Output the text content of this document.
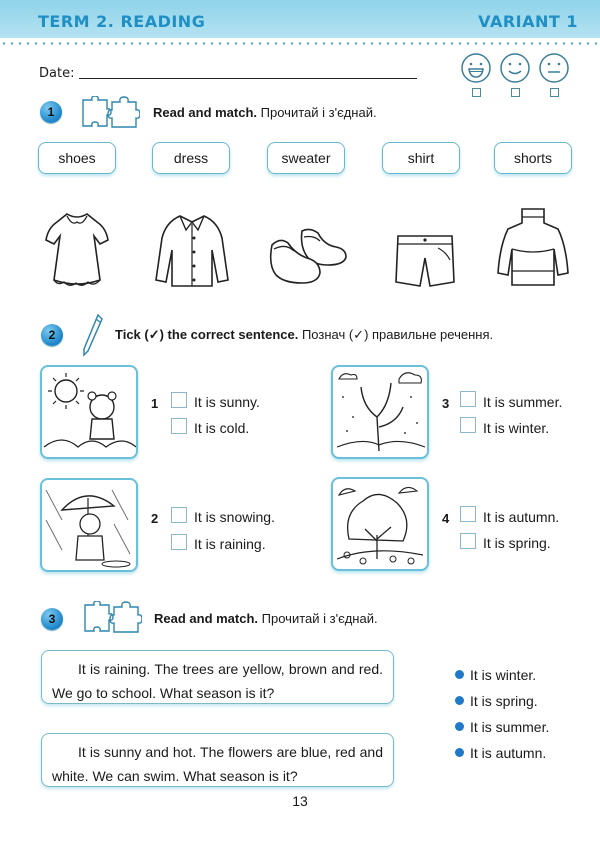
TERM 2. READING	VARIANT 1
Date:
1	Read and match. Прочитай і з'єднай.
shoes	dress	sweater	shirt	shorts
2	Tick (✓) the correct sentence. Познач (✓) правильне речення.
1	It is sunny.
It is cold.
2	It is snowing.
It is raining.
3 It is summer.
It is winter.
4 It is autumn.
It is spring.
3	Read and match. Прочитай і з'єднай.

It is raining. The trees are yellow, brown and red. We go to school. What season is it?

It is sunny and hot. The flowers are blue, red and white. We can swim. What season is it?

It is winter.
It is spring.
It is summer.
It is autumn.
13
